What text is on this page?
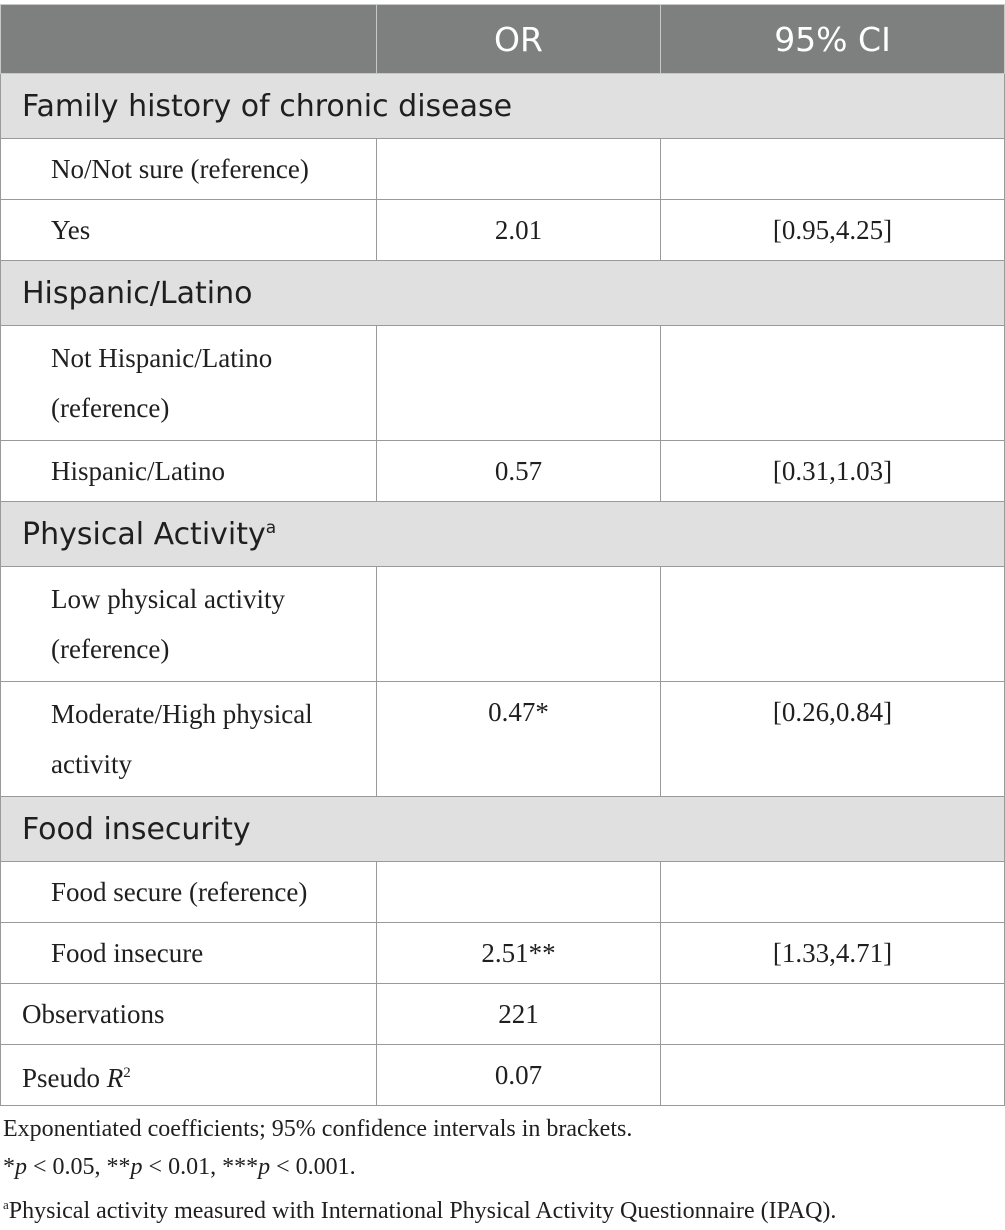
	OR	95% CI
Family history of chronic disease		
No/Not sure (reference)		
Yes	2.01	[0.95,4.25]
Hispanic/Latino		
Not Hispanic/Latino (reference)		
Hispanic/Latino	0.57	[0.31,1.03]
Physical Activity$^a$
Low physical activity (reference)		
Moderate/High physical activity	0.47*	[0.26,0.84]
Food insecurity		
Food secure (reference)		
Food insecure	2.51**	[1.33,4.71]
Observations	221	
Pseudo $R^2$	0.07	
Exponentiated coefficients; 95% confidence intervals in brackets.
*p < 0.05, **p < 0.01, ***p < 0.001.
$^a$Physical activity measured with International Physical Activity Questionnaire (IPAQ).
